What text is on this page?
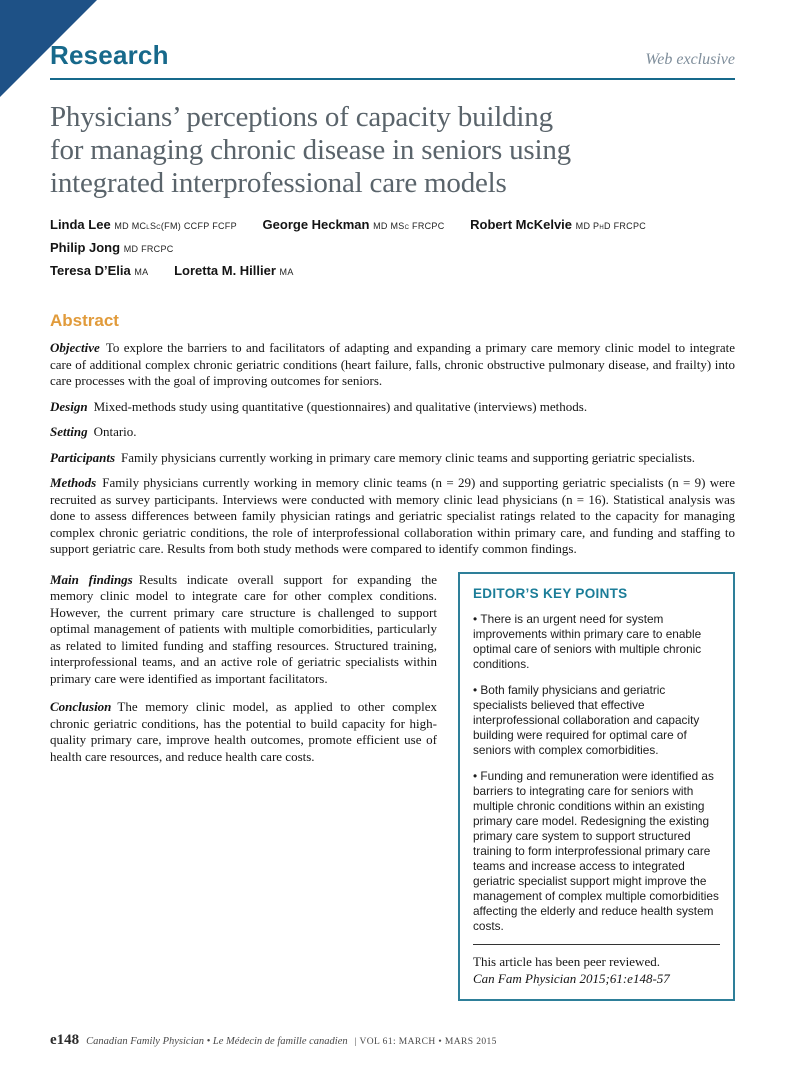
Research	Web exclusive
Physicians’ perceptions of capacity building
for managing chronic disease in seniors using
integrated interprofessional care models
Linda Lee MD MClSc(FM) CCFP FCFP George Heckman MD MSc FRCPC Robert McKelvie MD PhD FRCPC Philip Jong MD FRCPC
Teresa D’Elia MA Loretta M. Hillier MA
Abstract

Objective To explore the barriers to and facilitators of adapting and expanding a primary care memory clinic model to integrate care of additional complex chronic geriatric conditions (heart failure, falls, chronic obstructive pulmonary disease, and frailty) into care processes with the goal of improving outcomes for seniors.

Design Mixed-methods study using quantitative (questionnaires) and qualitative (interviews) methods.

Setting Ontario.

Participants Family physicians currently working in primary care memory clinic teams and supporting geriatric specialists.

Methods Family physicians currently working in memory clinic teams (n = 29) and supporting geriatric specialists (n = 9) were recruited as survey participants. Interviews were conducted with memory clinic lead physicians (n = 16). Statistical analysis was done to assess differences between family physician ratings and geriatric specialist ratings related to the capacity for managing complex chronic geriatric conditions, the role of interprofessional collaboration within primary care, and funding and staffing to support geriatric care. Results from both study methods were compared to identify common findings.

Main findings Results indicate overall support for expanding the memory clinic model to integrate care for other complex conditions. However, the current primary care structure is challenged to support optimal management of patients with multiple comorbidities, particularly as related to limited funding and staffing resources. Structured training, interprofessional teams, and an active role of geriatric specialists within primary care were identified as important facilitators.

Conclusion The memory clinic model, as applied to other complex chronic geriatric conditions, has the potential to build capacity for high-quality primary care, improve health outcomes, promote efficient use of health care resources, and reduce health care costs.

EDITOR’S KEY POINTS

• There is an urgent need for system improvements within primary care to enable optimal care of seniors with multiple chronic conditions.

• Both family physicians and geriatric specialists believed that effective interprofessional collaboration and capacity building were required for optimal care of seniors with complex comorbidities.

• Funding and remuneration were identified as barriers to integrating care for seniors with multiple chronic conditions within an existing primary care model. Redesigning the existing primary care system to support structured training to form interprofessional primary care teams and increase access to integrated geriatric specialist support might improve the management of complex multiple comorbidities affecting the elderly and reduce health system costs.

This article has been peer reviewed.

Can Fam Physician 2015;61:e148-57

e148 Canadian Family Physician • Le Médecin de famille canadien | VOL 61: MARCH • MARS 2015
